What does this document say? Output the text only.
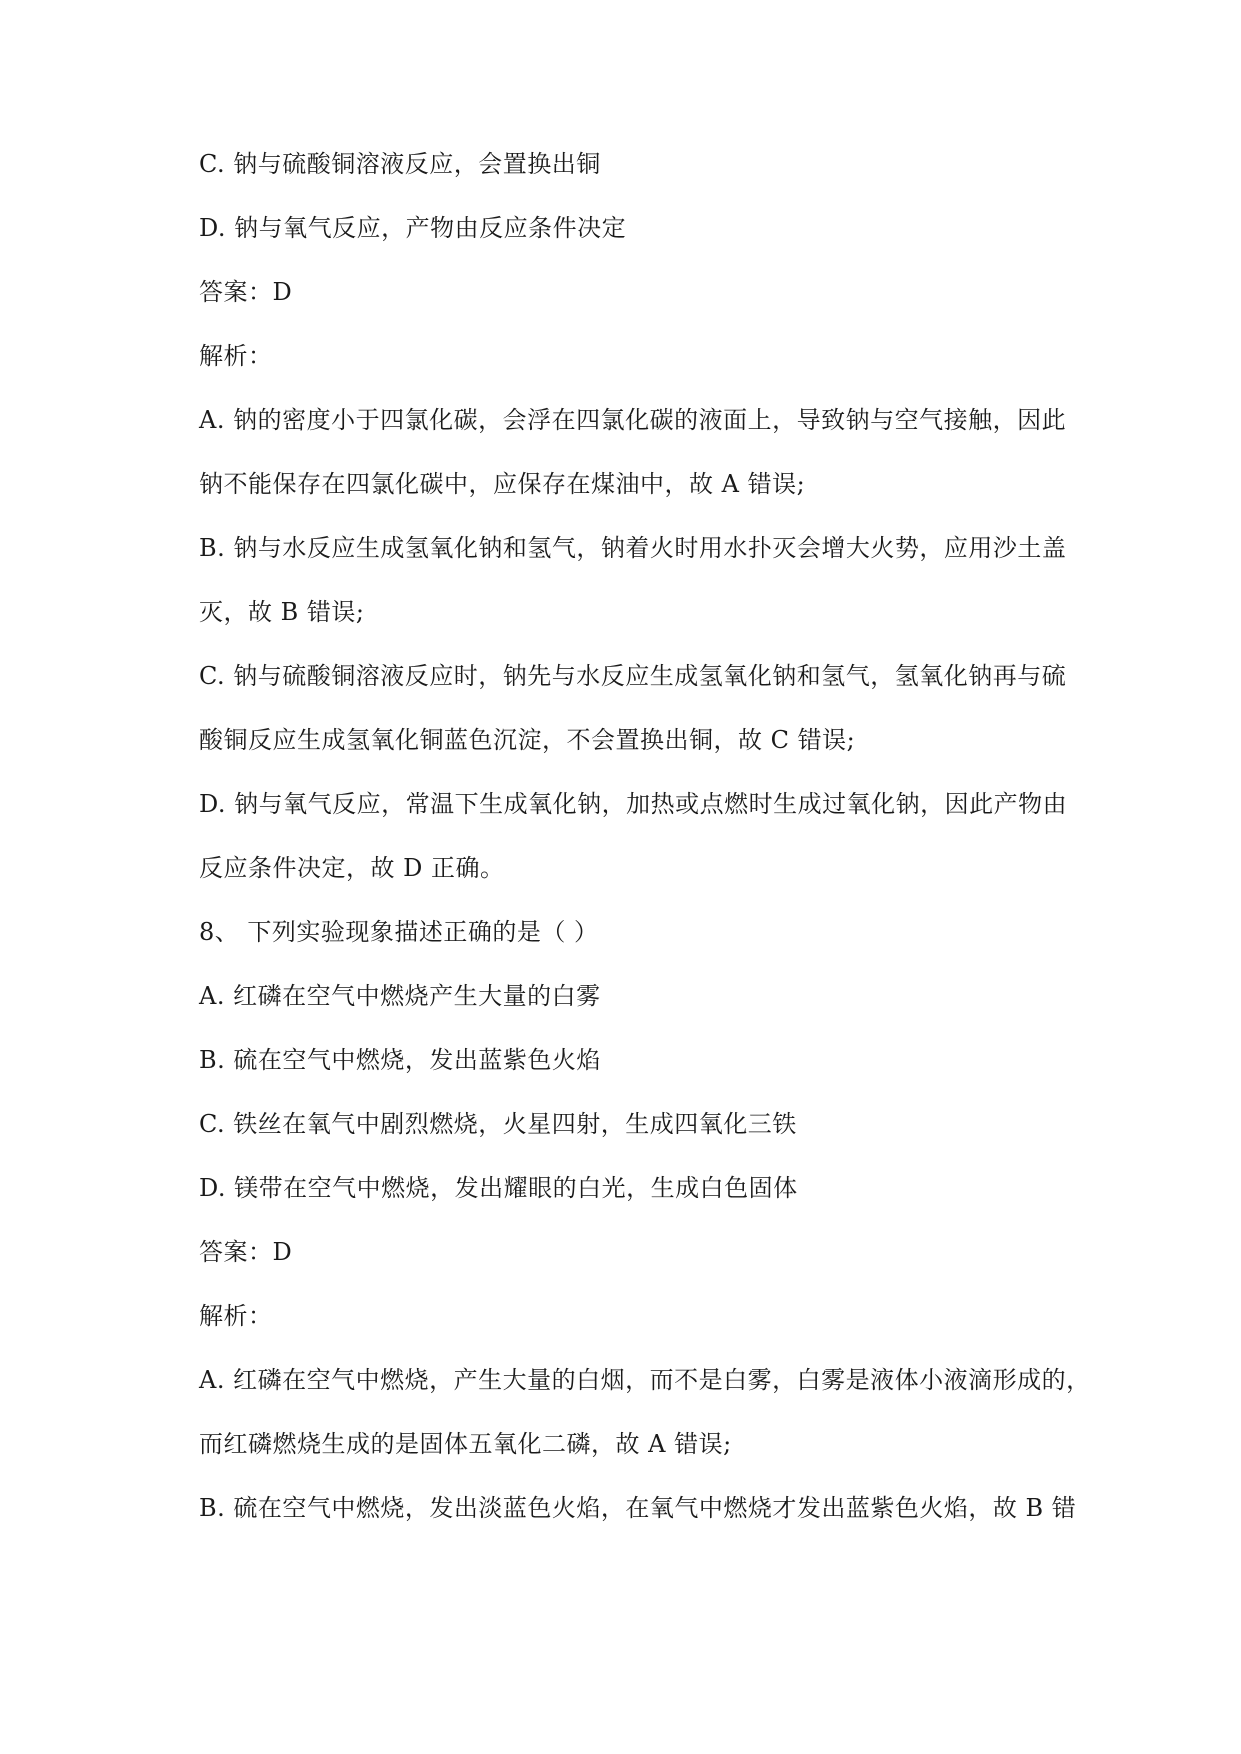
C. 钠与硫酸铜溶液反应，会置换出铜
D. 钠与氧气反应，产物由反应条件决定
答案：D
解析：
A. 钠的密度小于四氯化碳，会浮在四氯化碳的液面上，导致钠与空气接触，因此
钠不能保存在四氯化碳中，应保存在煤油中，故 A 错误;
B. 钠与水反应生成氢氧化钠和氢气，钠着火时用水扑灭会增大火势，应用沙土盖
灭，故 B 错误;
C. 钠与硫酸铜溶液反应时，钠先与水反应生成氢氧化钠和氢气，氢氧化钠再与硫
酸铜反应生成氢氧化铜蓝色沉淀，不会置换出铜，故 C 错误;
D. 钠与氧气反应，常温下生成氧化钠，加热或点燃时生成过氧化钠，因此产物由
反应条件决定，故 D 正确。
8、 下列实验现象描述正确的是（ ）
A. 红磷在空气中燃烧产生大量的白雾
B. 硫在空气中燃烧，发出蓝紫色火焰
C. 铁丝在氧气中剧烈燃烧，火星四射，生成四氧化三铁
D. 镁带在空气中燃烧，发出耀眼的白光，生成白色固体
答案：D
解析：
A. 红磷在空气中燃烧，产生大量的白烟，而不是白雾，白雾是液体小液滴形成的，
而红磷燃烧生成的是固体五氧化二磷，故 A 错误;
B. 硫在空气中燃烧，发出淡蓝色火焰，在氧气中燃烧才发出蓝紫色火焰，故 B 错
